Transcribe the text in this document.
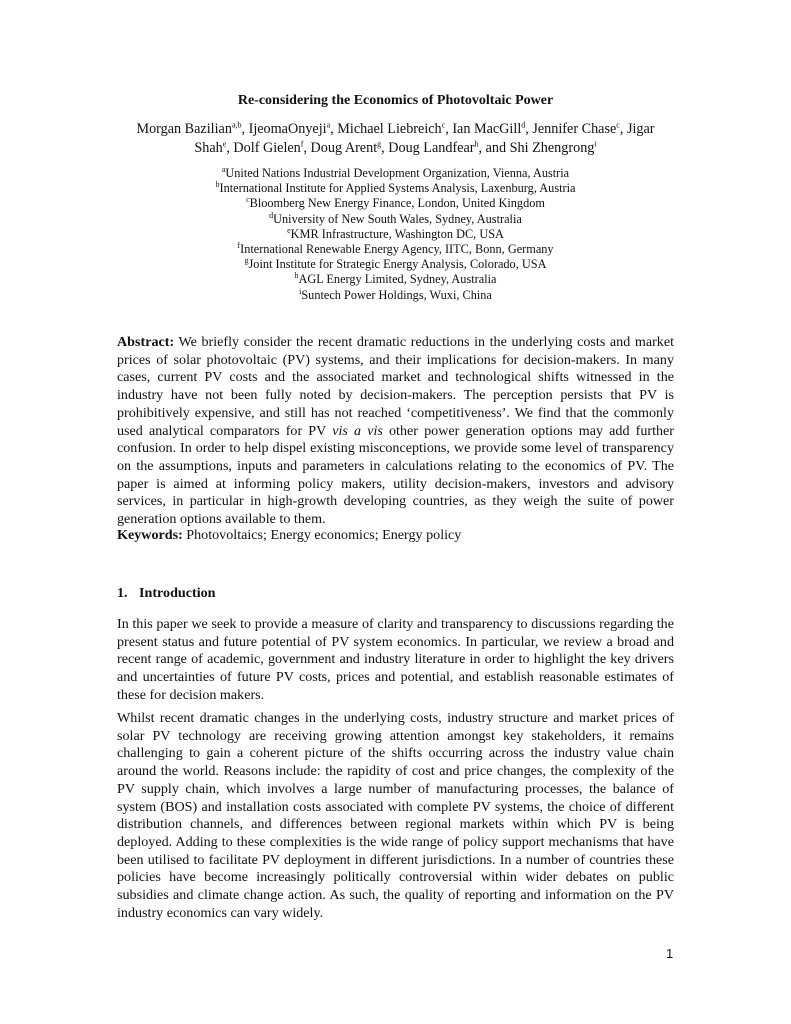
Re-considering the Economics of Photovoltaic Power
Morgan Bazilian$^{a,b}$, IjeomaOnyeji$^a$, Michael Liebreich$^c$, Ian MacGill$^d$, Jennifer Chase$^c$, Jigar Shah$^e$, Dolf Gielen$^f$, Doug Arent$^g$, Doug Landfear$^h$, and Shi Zhengrong$^i$
$^a$United Nations Industrial Development Organization, Vienna, Austria
$^b$International Institute for Applied Systems Analysis, Laxenburg, Austria
$^c$Bloomberg New Energy Finance, London, United Kingdom
$^d$University of New South Wales, Sydney, Australia
$^e$KMR Infrastructure, Washington DC, USA
$^f$International Renewable Energy Agency, IITC, Bonn, Germany
$^g$Joint Institute for Strategic Energy Analysis, Colorado, USA
$^h$AGL Energy Limited, Sydney, Australia
$^i$Suntech Power Holdings, Wuxi, China

Abstract: We briefly consider the recent dramatic reductions in the underlying costs and market prices of solar photovoltaic (PV) systems, and their implications for decision-makers. In many cases, current PV costs and the associated market and technological shifts witnessed in the industry have not been fully noted by decision-makers. The perception persists that PV is prohibitively expensive, and still has not reached ‘competitiveness’. We find that the commonly used analytical comparators for PV vis a vis other power generation options may add further confusion. In order to help dispel existing misconceptions, we provide some level of transparency on the assumptions, inputs and parameters in calculations relating to the economics of PV. The paper is aimed at informing policy makers, utility decision-makers, investors and advisory services, in particular in high-growth developing countries, as they weigh the suite of power generation options available to them.

Keywords: Photovoltaics; Energy economics; Energy policy

1. Introduction

In this paper we seek to provide a measure of clarity and transparency to discussions regarding the present status and future potential of PV system economics. In particular, we review a broad and recent range of academic, government and industry literature in order to highlight the key drivers and uncertainties of future PV costs, prices and potential, and establish reasonable estimates of these for decision makers.

Whilst recent dramatic changes in the underlying costs, industry structure and market prices of solar PV technology are receiving growing attention amongst key stakeholders, it remains challenging to gain a coherent picture of the shifts occurring across the industry value chain around the world. Reasons include: the rapidity of cost and price changes, the complexity of the PV supply chain, which involves a large number of manufacturing processes, the balance of system (BOS) and installation costs associated with complete PV systems, the choice of different distribution channels, and differences between regional markets within which PV is being deployed. Adding to these complexities is the wide range of policy support mechanisms that have been utilised to facilitate PV deployment in different jurisdictions. In a number of countries these policies have become increasingly politically controversial within wider debates on public subsidies and climate change action. As such, the quality of reporting and information on the PV industry economics can vary widely.

1
